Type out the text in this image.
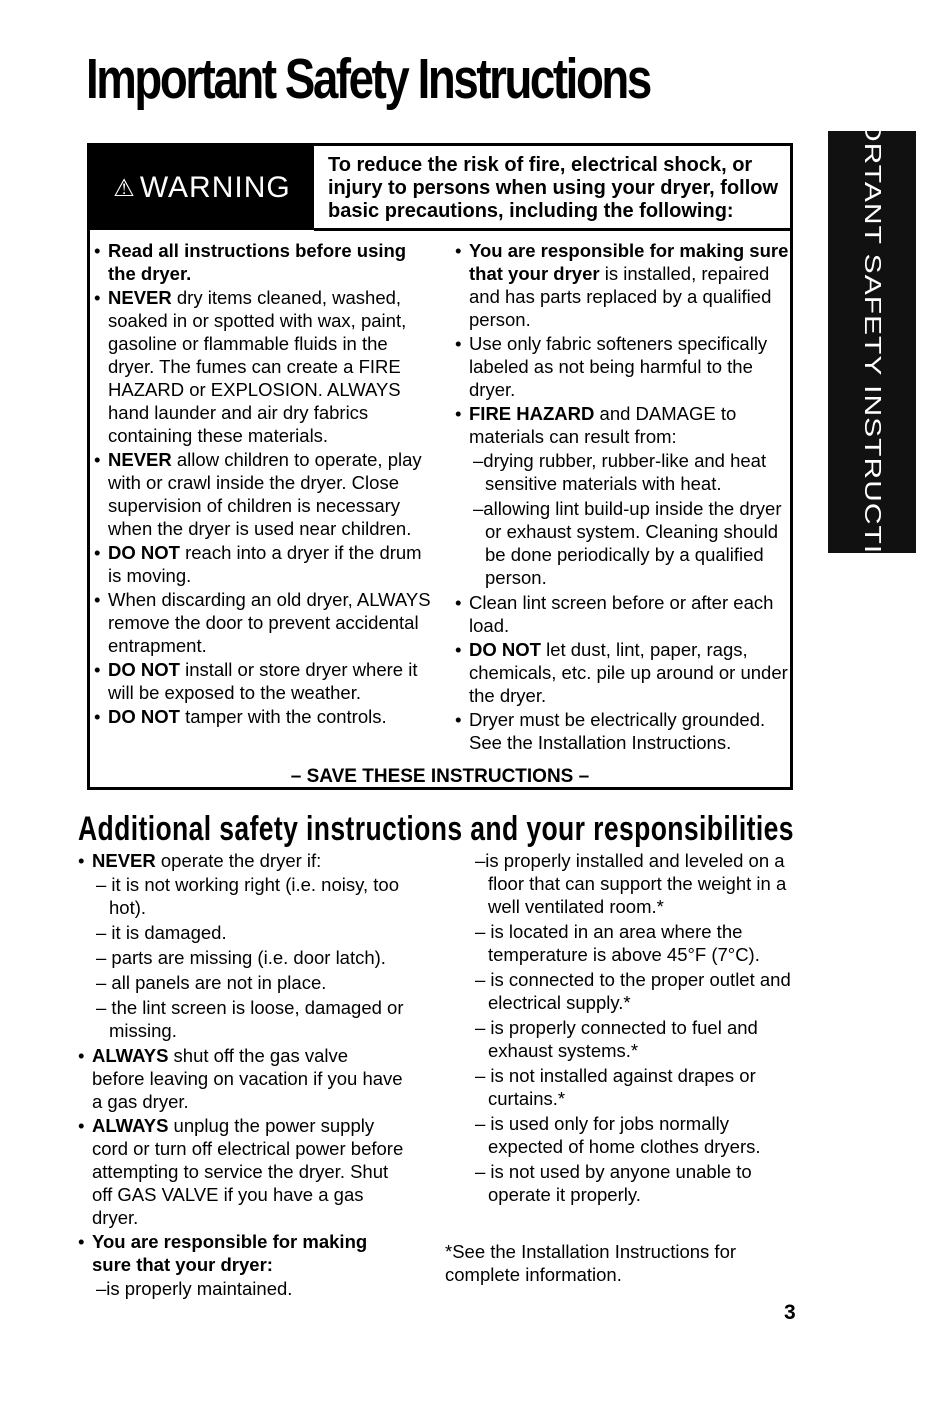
Important Safety Instructions	IMPORTANT SAFETY INSTRUCTIONS
⚠ WARNING
To reduce the risk of fire, electrical shock, or injury to persons when using your dryer, follow basic precautions, including the following:
• Read all instructions before using the dryer.
• NEVER dry items cleaned, washed, soaked in or spotted with wax, paint, gasoline or flammable fluids in the dryer. The fumes can create a FIRE HAZARD or EXPLOSION. ALWAYS hand launder and air dry fabrics containing these materials.
• NEVER allow children to operate, play with or crawl inside the dryer. Close supervision of children is necessary when the dryer is used near children.
• DO NOT reach into a dryer if the drum is moving.
• When discarding an old dryer, ALWAYS remove the door to prevent accidental entrapment.
• DO NOT install or store dryer where it will be exposed to the weather.
• DO NOT tamper with the controls.
• You are responsible for making sure that your dryer is installed, repaired and has parts replaced by a qualified person.
• Use only fabric softeners specifically labeled as not being harmful to the dryer.
• FIRE HAZARD and DAMAGE to materials can result from:
–drying rubber, rubber-like and heat sensitive materials with heat.
–allowing lint build-up inside the dryer or exhaust system. Cleaning should be done periodically by a qualified person.
• Clean lint screen before or after each load.
• DO NOT let dust, lint, paper, rags, chemicals, etc. pile up around or under the dryer.
• Dryer must be electrically grounded. See the Installation Instructions.
– SAVE THESE INSTRUCTIONS –
Additional safety instructions and your responsibilities
• NEVER operate the dryer if:
– it is not working right (i.e. noisy, too hot).
– it is damaged.
– parts are missing (i.e. door latch).
– all panels are not in place.
– the lint screen is loose, damaged or missing.
• ALWAYS shut off the gas valve before leaving on vacation if you have a gas dryer.
• ALWAYS unplug the power supply cord or turn off electrical power before attempting to service the dryer. Shut off GAS VALVE if you have a gas dryer.
• You are responsible for making sure that your dryer:
–is properly maintained.
–is properly installed and leveled on a floor that can support the weight in a well ventilated room.*
– is located in an area where the temperature is above 45°F (7°C).
– is connected to the proper outlet and electrical supply.*
– is properly connected to fuel and exhaust systems.*
– is not installed against drapes or curtains.*
– is used only for jobs normally expected of home clothes dryers.
– is not used by anyone unable to operate it properly.
*See the Installation Instructions for complete information.
3
